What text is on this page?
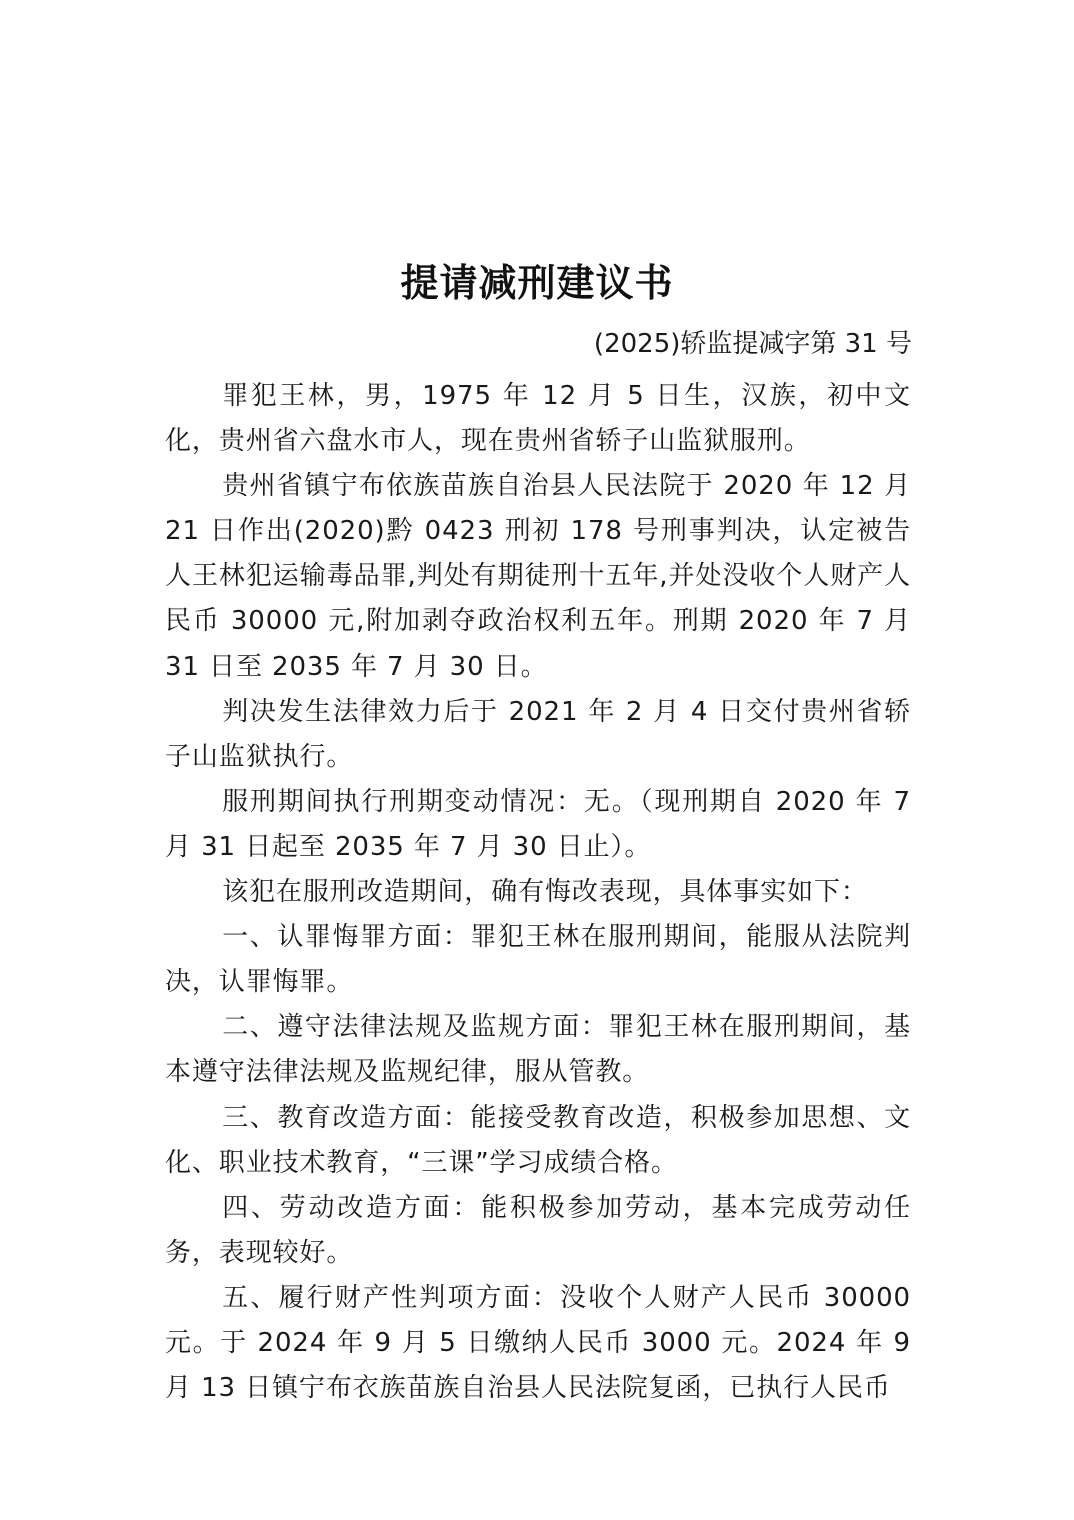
提请减刑建议书
(2025)轿监提减字第 31 号

罪犯王林，男，1975 年 12 月 5 日生，汉族，初中文化，贵州省六盘水市人，现在贵州省轿子山监狱服刑。

贵州省镇宁布依族苗族自治县人民法院于 2020 年 12 月 21 日作出(2020)黔 0423 刑初 178 号刑事判决，认定被告人王林犯运输毒品罪,判处有期徒刑十五年,并处没收个人财产人民币 30000 元,附加剥夺政治权利五年。刑期 2020 年 7 月 31 日至 2035 年 7 月 30 日。

判决发生法律效力后于 2021 年 2 月 4 日交付贵州省轿子山监狱执行。

服刑期间执行刑期变动情况：无。（现刑期自 2020 年 7 月 31 日起至 2035 年 7 月 30 日止）。

该犯在服刑改造期间，确有悔改表现，具体事实如下：

一、认罪悔罪方面：罪犯王林在服刑期间，能服从法院判决，认罪悔罪。

二、遵守法律法规及监规方面：罪犯王林在服刑期间，基本遵守法律法规及监规纪律，服从管教。

三、教育改造方面：能接受教育改造，积极参加思想、文化、职业技术教育，“三课”学习成绩合格。

四、劳动改造方面：能积极参加劳动，基本完成劳动任务，表现较好。

五、履行财产性判项方面：没收个人财产人民币 30000 元。于 2024 年 9 月 5 日缴纳人民币 3000 元。2024 年 9 月 13 日镇宁布衣族苗族自治县人民法院复函，已执行人民币
